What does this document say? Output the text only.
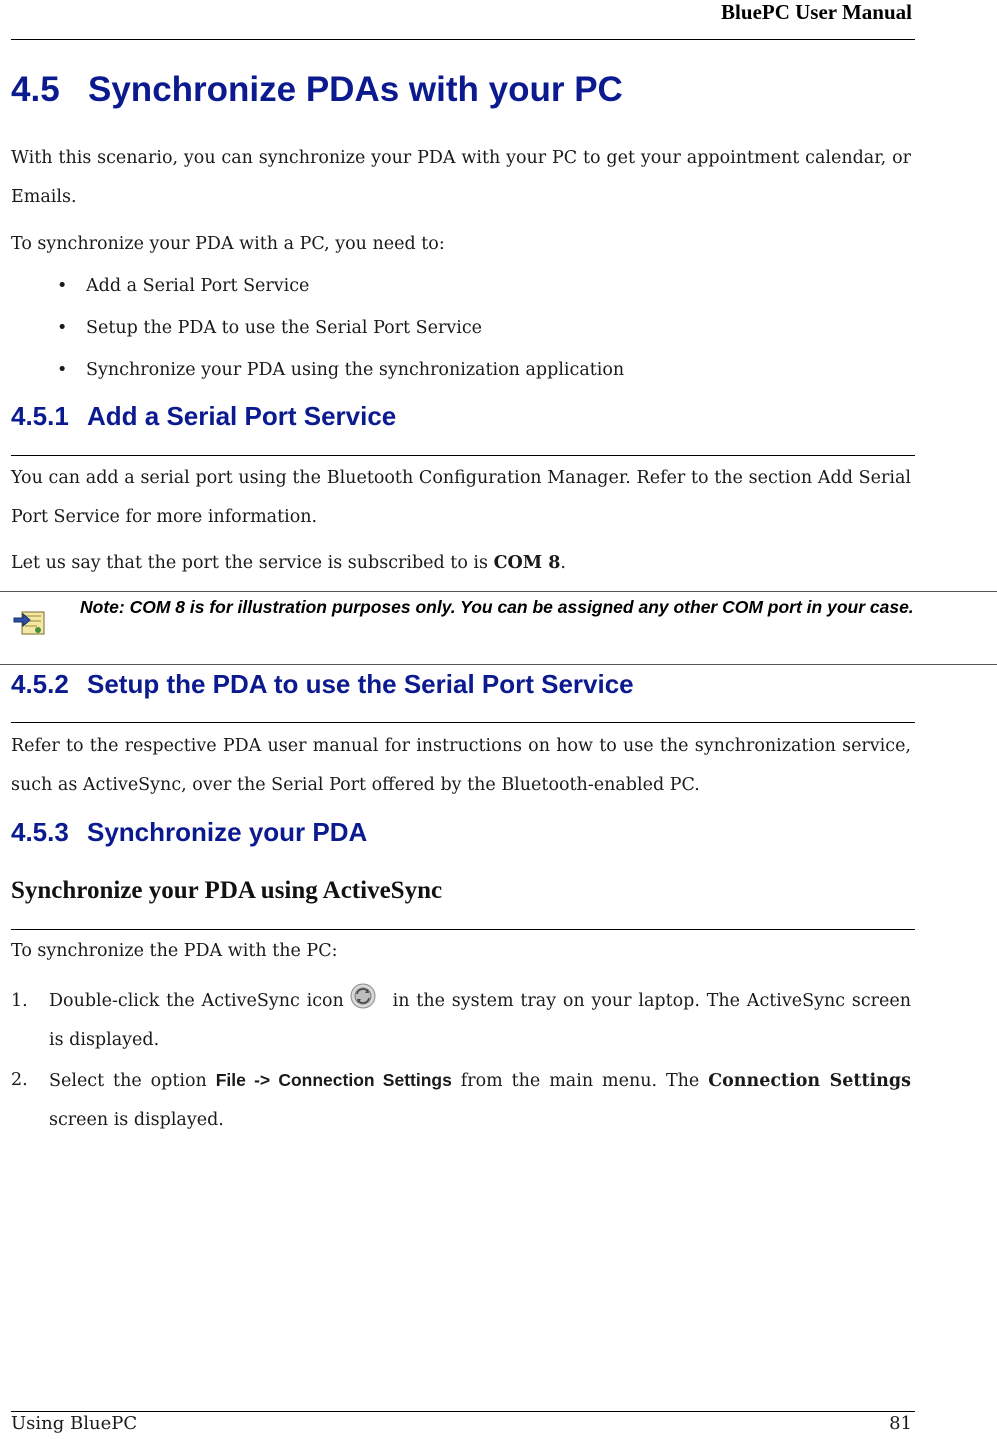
BluePC User Manual
4.5 Synchronize PDAs with your PC
With this scenario, you can synchronize your PDA with your PC to get your appointment calendar, or Emails.
To synchronize your PDA with a PC, you need to:
• Add a Serial Port Service
• Setup the PDA to use the Serial Port Service
• Synchronize your PDA using the synchronization application
4.5.1 Add a Serial Port Service
You can add a serial port using the Bluetooth Configuration Manager. Refer to the section Add Serial Port Service for more information.
Let us say that the port the service is subscribed to is COM 8.
Note: COM 8 is for illustration purposes only. You can be assigned any other COM port in your case.
4.5.2 Setup the PDA to use the Serial Port Service
Refer to the respective PDA user manual for instructions on how to use the synchronization service, such as ActiveSync, over the Serial Port offered by the Bluetooth-enabled PC.
4.5.3 Synchronize your PDA
Synchronize your PDA using ActiveSync
To synchronize the PDA with the PC:
1. Double-click the ActiveSync icon in the system tray on your laptop. The ActiveSync screen is displayed.
2. Select the option File -> Connection Settings from the main menu. The Connection Settings screen is displayed.
Using BluePC	81
